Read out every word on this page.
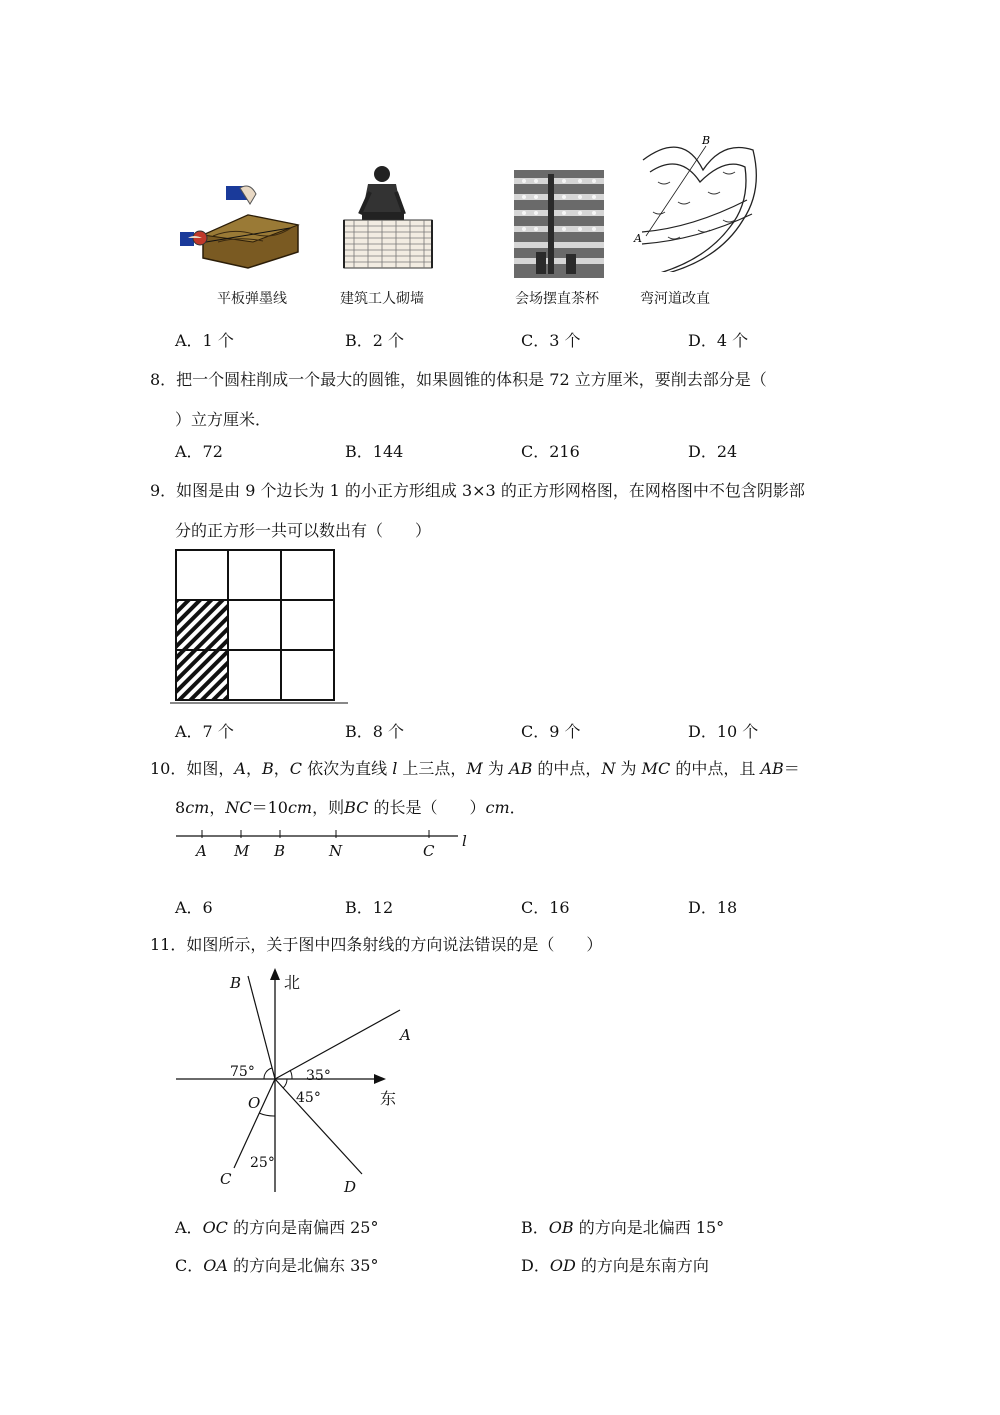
B
A
平板弹墨线	建筑工人砌墙	会场摆直茶杯	弯河道改直
A．1 个	B．2 个	C．3 个	D．4 个
8．把一个圆柱削成一个最大的圆锥，如果圆锥的体积是 72 立方厘米，要削去部分是（
）立方厘米．
A．72	B．144	C．216	D．24
9．如图是由 9 个边长为 1 的小正方形组成 3×3 的正方形网格图，在网格图中不包含阴影部
分的正方形一共可以数出有（　　）
A．7 个	B．8 个	C．9 个	D．10 个
10．如图，A，B，C 依次为直线 l 上三点，M 为 AB 的中点，N 为 MC 的中点，且 AB＝
8cm，NC＝10cm，则BC 的长是（　　）cm．
A M B	N	C
l
A．6	B．12	C．16	D．18
11．如图所示，关于图中四条射线的方向说法错误的是（　　）
北
东
O
A
B
C	D
75°	35°
45°
25°
A．OC 的方向是南偏西 25°	B．OB 的方向是北偏西 15°
C．OA 的方向是北偏东 35°	D．OD 的方向是东南方向
